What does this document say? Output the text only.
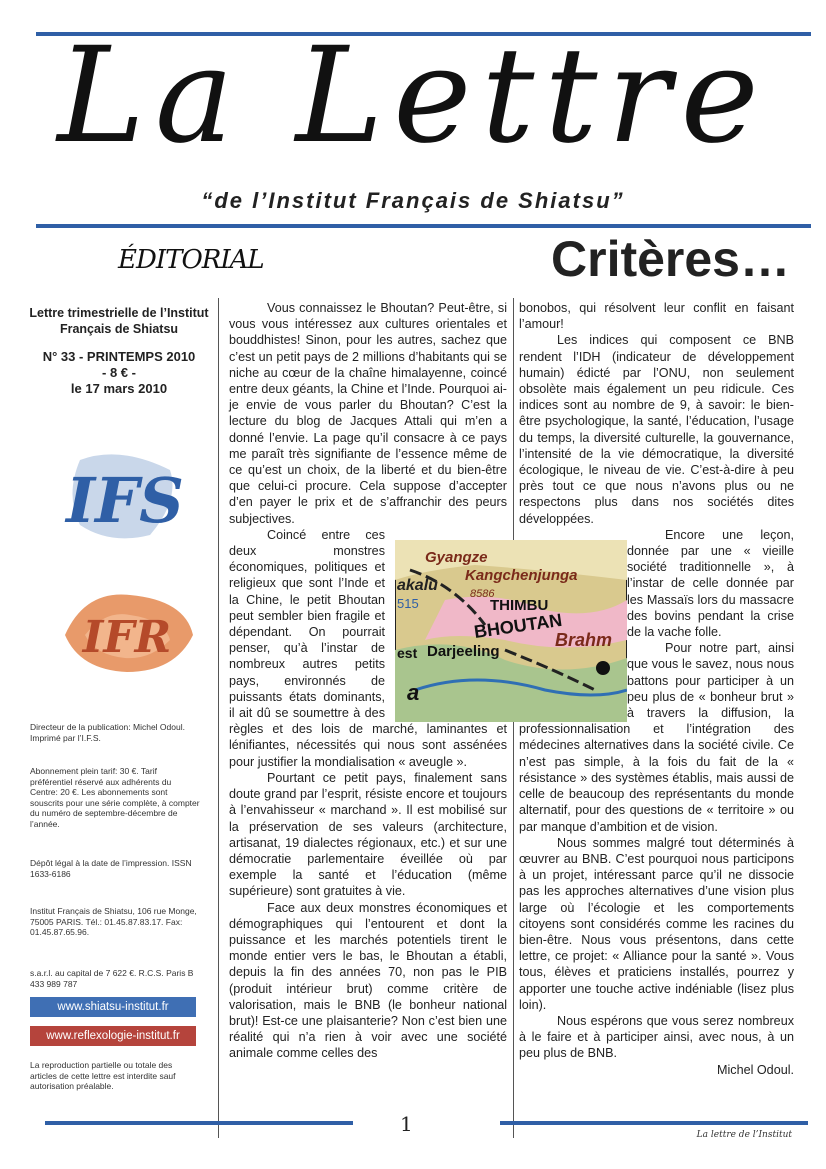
La Lettre
“de l’Institut Français de Shiatsu”
ÉDITORIAL	Critères…
Lettre trimestrielle de l’Institut Français de Shiatsu
N° 33 - PRINTEMPS 2010
- 8 € -
le 17 mars 2010
IFS
IFR
Directeur de la publication: Michel Odoul. Imprimé par l’I.F.S.
Abonnement plein tarif: 30 €. Tarif préférentiel réservé aux adhérents du Centre: 20 €. Les abonnements sont souscrits pour une série complète, à compter du numéro de septembre-décembre de l’année.
Dépôt légal à la date de l’impression. ISSN 1633-6186
Institut Français de Shiatsu, 106 rue Monge, 75005 PARIS. Tél.: 01.45.87.83.17. Fax: 01.45.87.65.96.
s.a.r.l. au capital de 7 622 €. R.C.S. Paris B 433 989 787
www.shiatsu-institut.fr
www.reflexologie-institut.fr
La reproduction partielle ou totale des articles de cette lettre est interdite sauf autorisation préalable.

Vous connaissez le Bhoutan? Peut-être, si vous vous intéressez aux cultures orientales et bouddhistes! Sinon, pour les autres, sachez que c’est un petit pays de 2 millions d’habitants qui se niche au cœur de la chaîne himalayenne, coincé entre deux géants, la Chine et l’Inde. Pourquoi ai-je envie de vous parler du Bhoutan? C’est la lecture du blog de Jacques Attali qui m’en a donné l’envie. La page qu’il consacre à ce pays me paraît très signifiante de l’essence même de ce qu’est un choix, de la liberté et du bien-être que celui-ci procure. Cela suppose d’accepter d’en payer le prix et de s’affranchir des peurs subjectives.

Coincé entre ces deux monstres économiques, politiques et religieux que sont l’Inde et la Chine, le petit Bhoutan peut sembler bien fragile et dépendant. On pourrait penser, qu’à l’instar de nombreux autres petits pays, environnés de puissants états dominants, il ait dû se soumettre à des règles et des lois de marché, laminantes et lénifiantes, nécessités qui nous sont assénées pour justifier la mondialisation « aveugle ».

Pourtant ce petit pays, finalement sans doute grand par l’esprit, résiste encore et toujours à l’envahisseur « marchand ». Il est mobilisé sur la préservation de ses valeurs (architecture, artisanat, 19 dialectes régionaux, etc.) et sur une démocratie parlementaire éveillée où par exemple la santé et l’éducation (même supérieure) sont gratuites à vie.

Face aux deux monstres économiques et démographiques qui l’entourent et dont la puissance et les marchés potentiels tirent le monde entier vers le bas, le Bhoutan a établi, depuis la fin des années 70, non pas le PIB (produit intérieur brut) comme critère de valorisation, mais le BNB (le bonheur national brut)! Est-ce une plaisanterie? Non c’est bien une réalité qui n’a rien à voir avec une société animale comme celles des

bonobos, qui résolvent leur conflit en faisant l’amour!

Les indices qui composent ce BNB rendent l’IDH (indicateur de développement humain) édicté par l’ONU, non seulement obsolète mais également un peu ridicule. Ces indices sont au nombre de 9, à savoir: le bien-être psychologique, la santé, l’éducation, l’usage du temps, la diversité culturelle, la gouvernance, l’intensité de la vie démocratique, la diversité écologique, le niveau de vie. C’est-à-dire à peu près tout ce que nous n’avons plus ou ne respectons plus dans nos sociétés dites développées.

Encore une leçon, donnée par une « vieille société traditionnelle », à l’instar de celle donnée par les Massaïs lors du massacre des bovins pendant la crise de la vache folle.

Pour notre part, ainsi que vous le savez, nous nous battons pour participer à un peu plus de « bonheur brut » à travers la diffusion, la professionnalisation et l’intégration des médecines alternatives dans la société civile. Ce n’est pas simple, à la fois du fait de la « résistance » des systèmes établis, mais aussi de celle de beaucoup des représentants du monde alternatif, pour des questions de « territoire » ou par manque d’ambition et de vision.

Nous sommes malgré tout déterminés à œuvrer au BNB. C’est pourquoi nous participons à un projet, intéressant parce qu’il ne dissocie pas les approches alternatives d’une vision plus large où l’écologie et les comportements citoyens sont considérés comme les racines du bien-être. Nous vous présentons, dans cette lettre, ce projet: « Alliance pour la santé ». Vous tous, élèves et praticiens installés, pourrez y apporter une touche active indéniable (lisez plus loin).

Nous espérons que vous serez nombreux à le faire et à participer ainsi, avec nous, à un peu plus de BNB.

Michel Odoul.

Gyangze
Kangchenjunga
8586
akalu
515	THIMBU
BHOUTAN
Darjeeling
Brahm
est
a
1	La lettre de l’Institut
